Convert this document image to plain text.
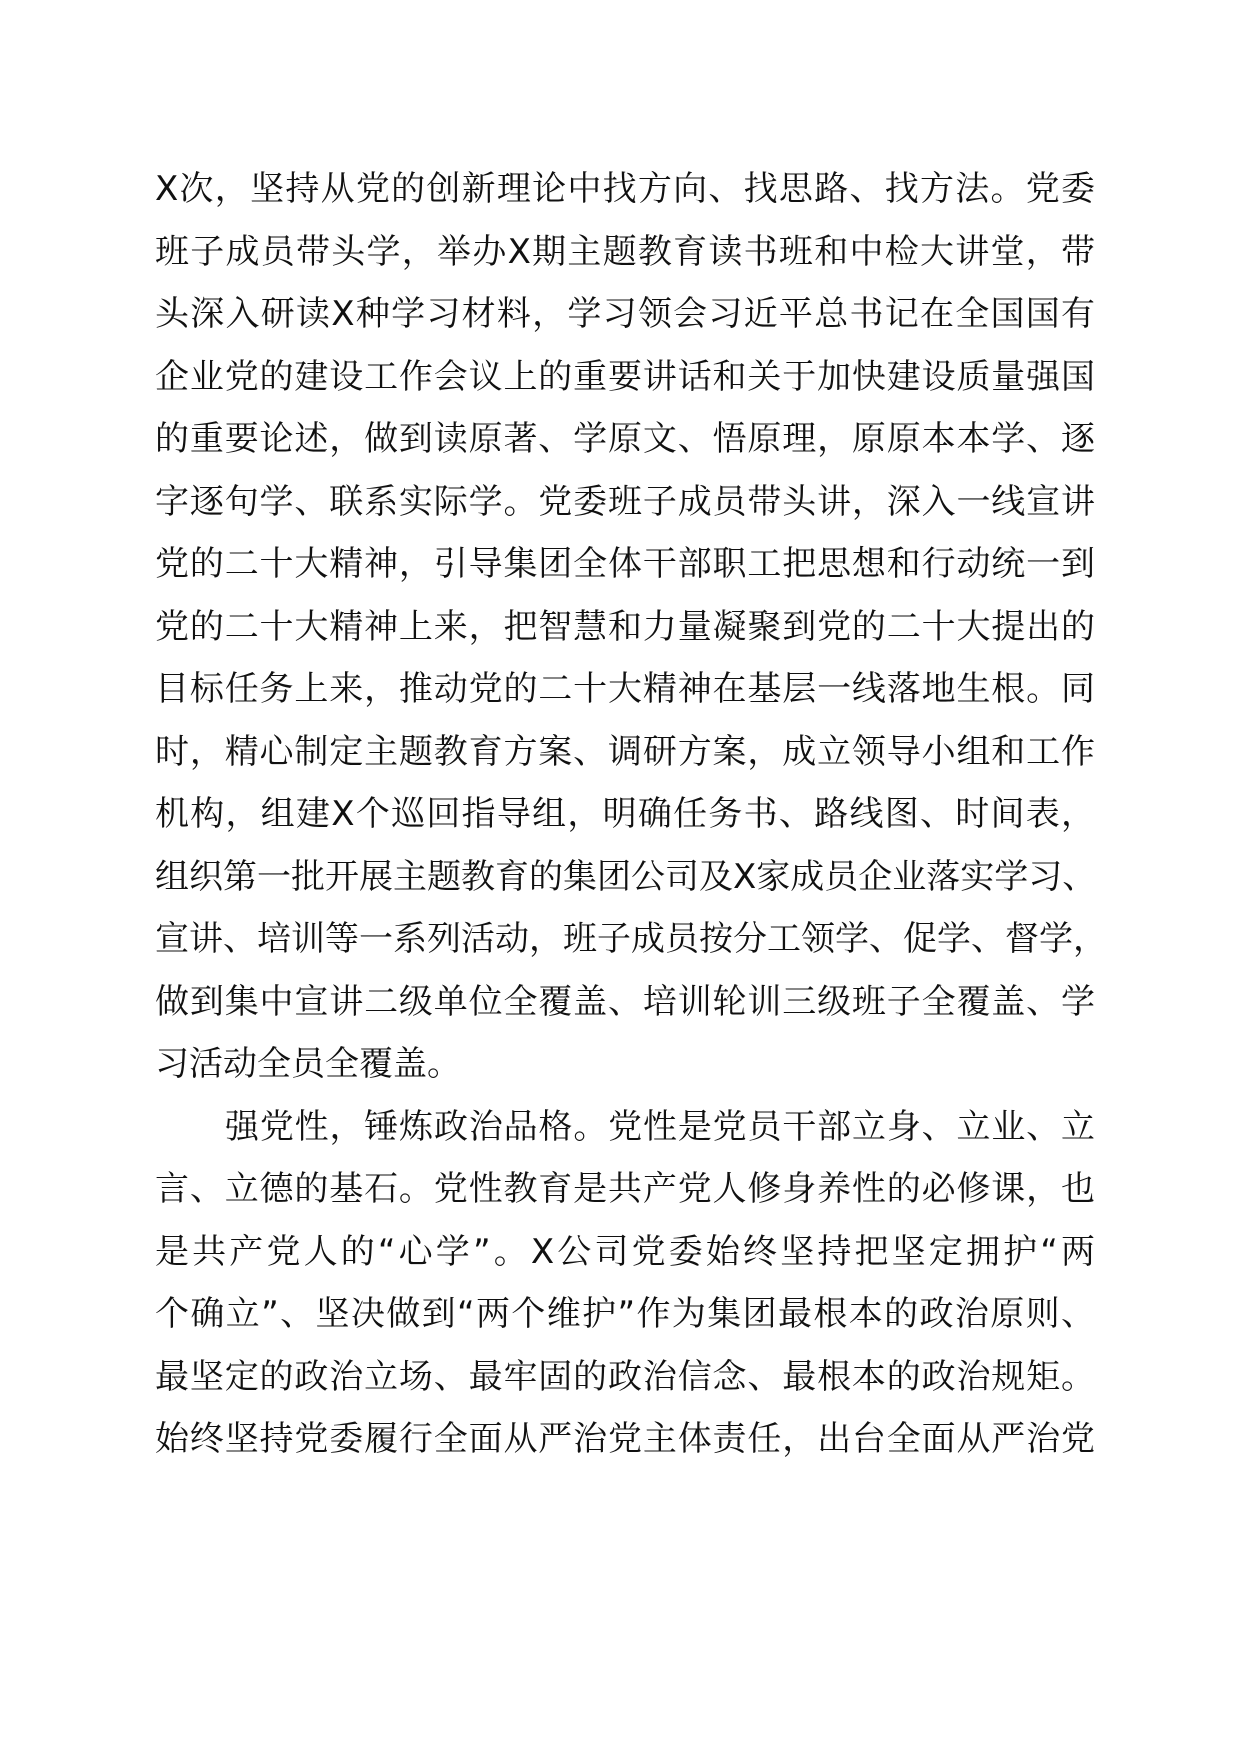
X次，坚持从党的创新理论中找方向、找思路、找方法。党委
班子成员带头学，举办X期主题教育读书班和中检大讲堂，带
头深入研读X种学习材料，学习领会习近平总书记在全国国有
企业党的建设工作会议上的重要讲话和关于加快建设质量强国
的重要论述，做到读原著、学原文、悟原理，原原本本学、逐
字逐句学、联系实际学。党委班子成员带头讲，深入一线宣讲
党的二十大精神，引导集团全体干部职工把思想和行动统一到
党的二十大精神上来，把智慧和力量凝聚到党的二十大提出的
目标任务上来，推动党的二十大精神在基层一线落地生根。同
时，精心制定主题教育方案、调研方案，成立领导小组和工作
机构，组建X个巡回指导组，明确任务书、路线图、时间表，
组织第一批开展主题教育的集团公司及X家成员企业落实学习、
宣讲、培训等一系列活动，班子成员按分工领学、促学、督学，
做到集中宣讲二级单位全覆盖、培训轮训三级班子全覆盖、学
习活动全员全覆盖。
强党性，锤炼政治品格。党性是党员干部立身、立业、立
言、立德的基石。党性教育是共产党人修身养性的必修课，也
是共产党人的“心学”。X公司党委始终坚持把坚定拥护“两
个确立”、坚决做到“两个维护”作为集团最根本的政治原则、
最坚定的政治立场、最牢固的政治信念、最根本的政治规矩。
始终坚持党委履行全面从严治党主体责任，出台全面从严治党
